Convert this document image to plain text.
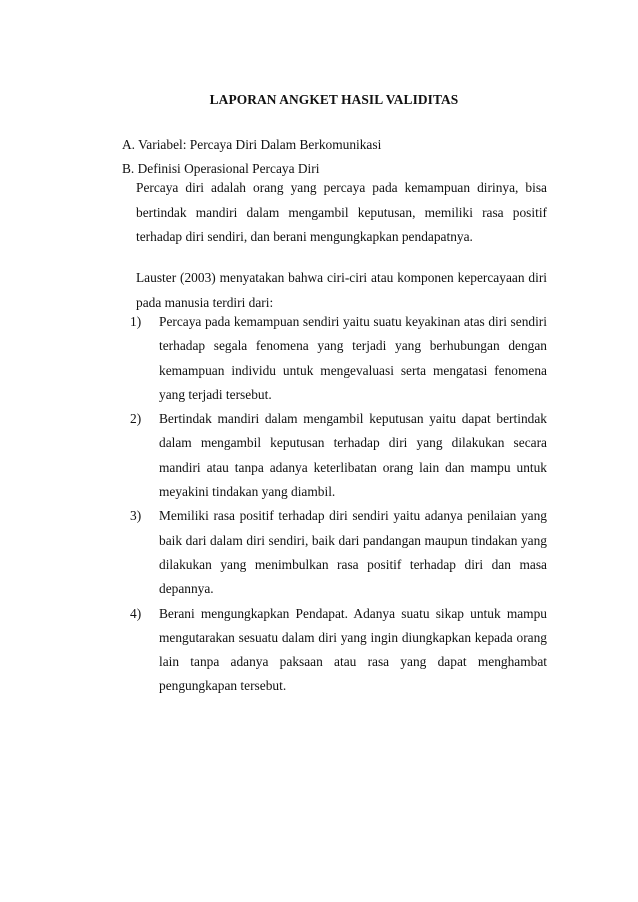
LAPORAN ANGKET HASIL VALIDITAS
A. Variabel: Percaya Diri Dalam Berkomunikasi
B. Definisi Operasional Percaya Diri
Percaya diri adalah orang yang percaya pada kemampuan dirinya, bisa bertindak mandiri dalam mengambil keputusan, memiliki rasa positif terhadap diri sendiri, dan berani mengungkapkan pendapatnya.
Lauster (2003) menyatakan bahwa ciri-ciri atau komponen kepercayaan diri pada manusia terdiri dari:
1) Percaya pada kemampuan sendiri yaitu suatu keyakinan atas diri sendiri terhadap segala fenomena yang terjadi yang berhubungan dengan kemampuan individu untuk mengevaluasi serta mengatasi fenomena yang terjadi tersebut.
2) Bertindak mandiri dalam mengambil keputusan yaitu dapat bertindak dalam mengambil keputusan terhadap diri yang dilakukan secara mandiri atau tanpa adanya keterlibatan orang lain dan mampu untuk meyakini tindakan yang diambil.
3) Memiliki rasa positif terhadap diri sendiri yaitu adanya penilaian yang baik dari dalam diri sendiri, baik dari pandangan maupun tindakan yang dilakukan yang menimbulkan rasa positif terhadap diri dan masa depannya.
4) Berani mengungkapkan Pendapat. Adanya suatu sikap untuk mampu mengutarakan sesuatu dalam diri yang ingin diungkapkan kepada orang lain tanpa adanya paksaan atau rasa yang dapat menghambat pengungkapan tersebut.
